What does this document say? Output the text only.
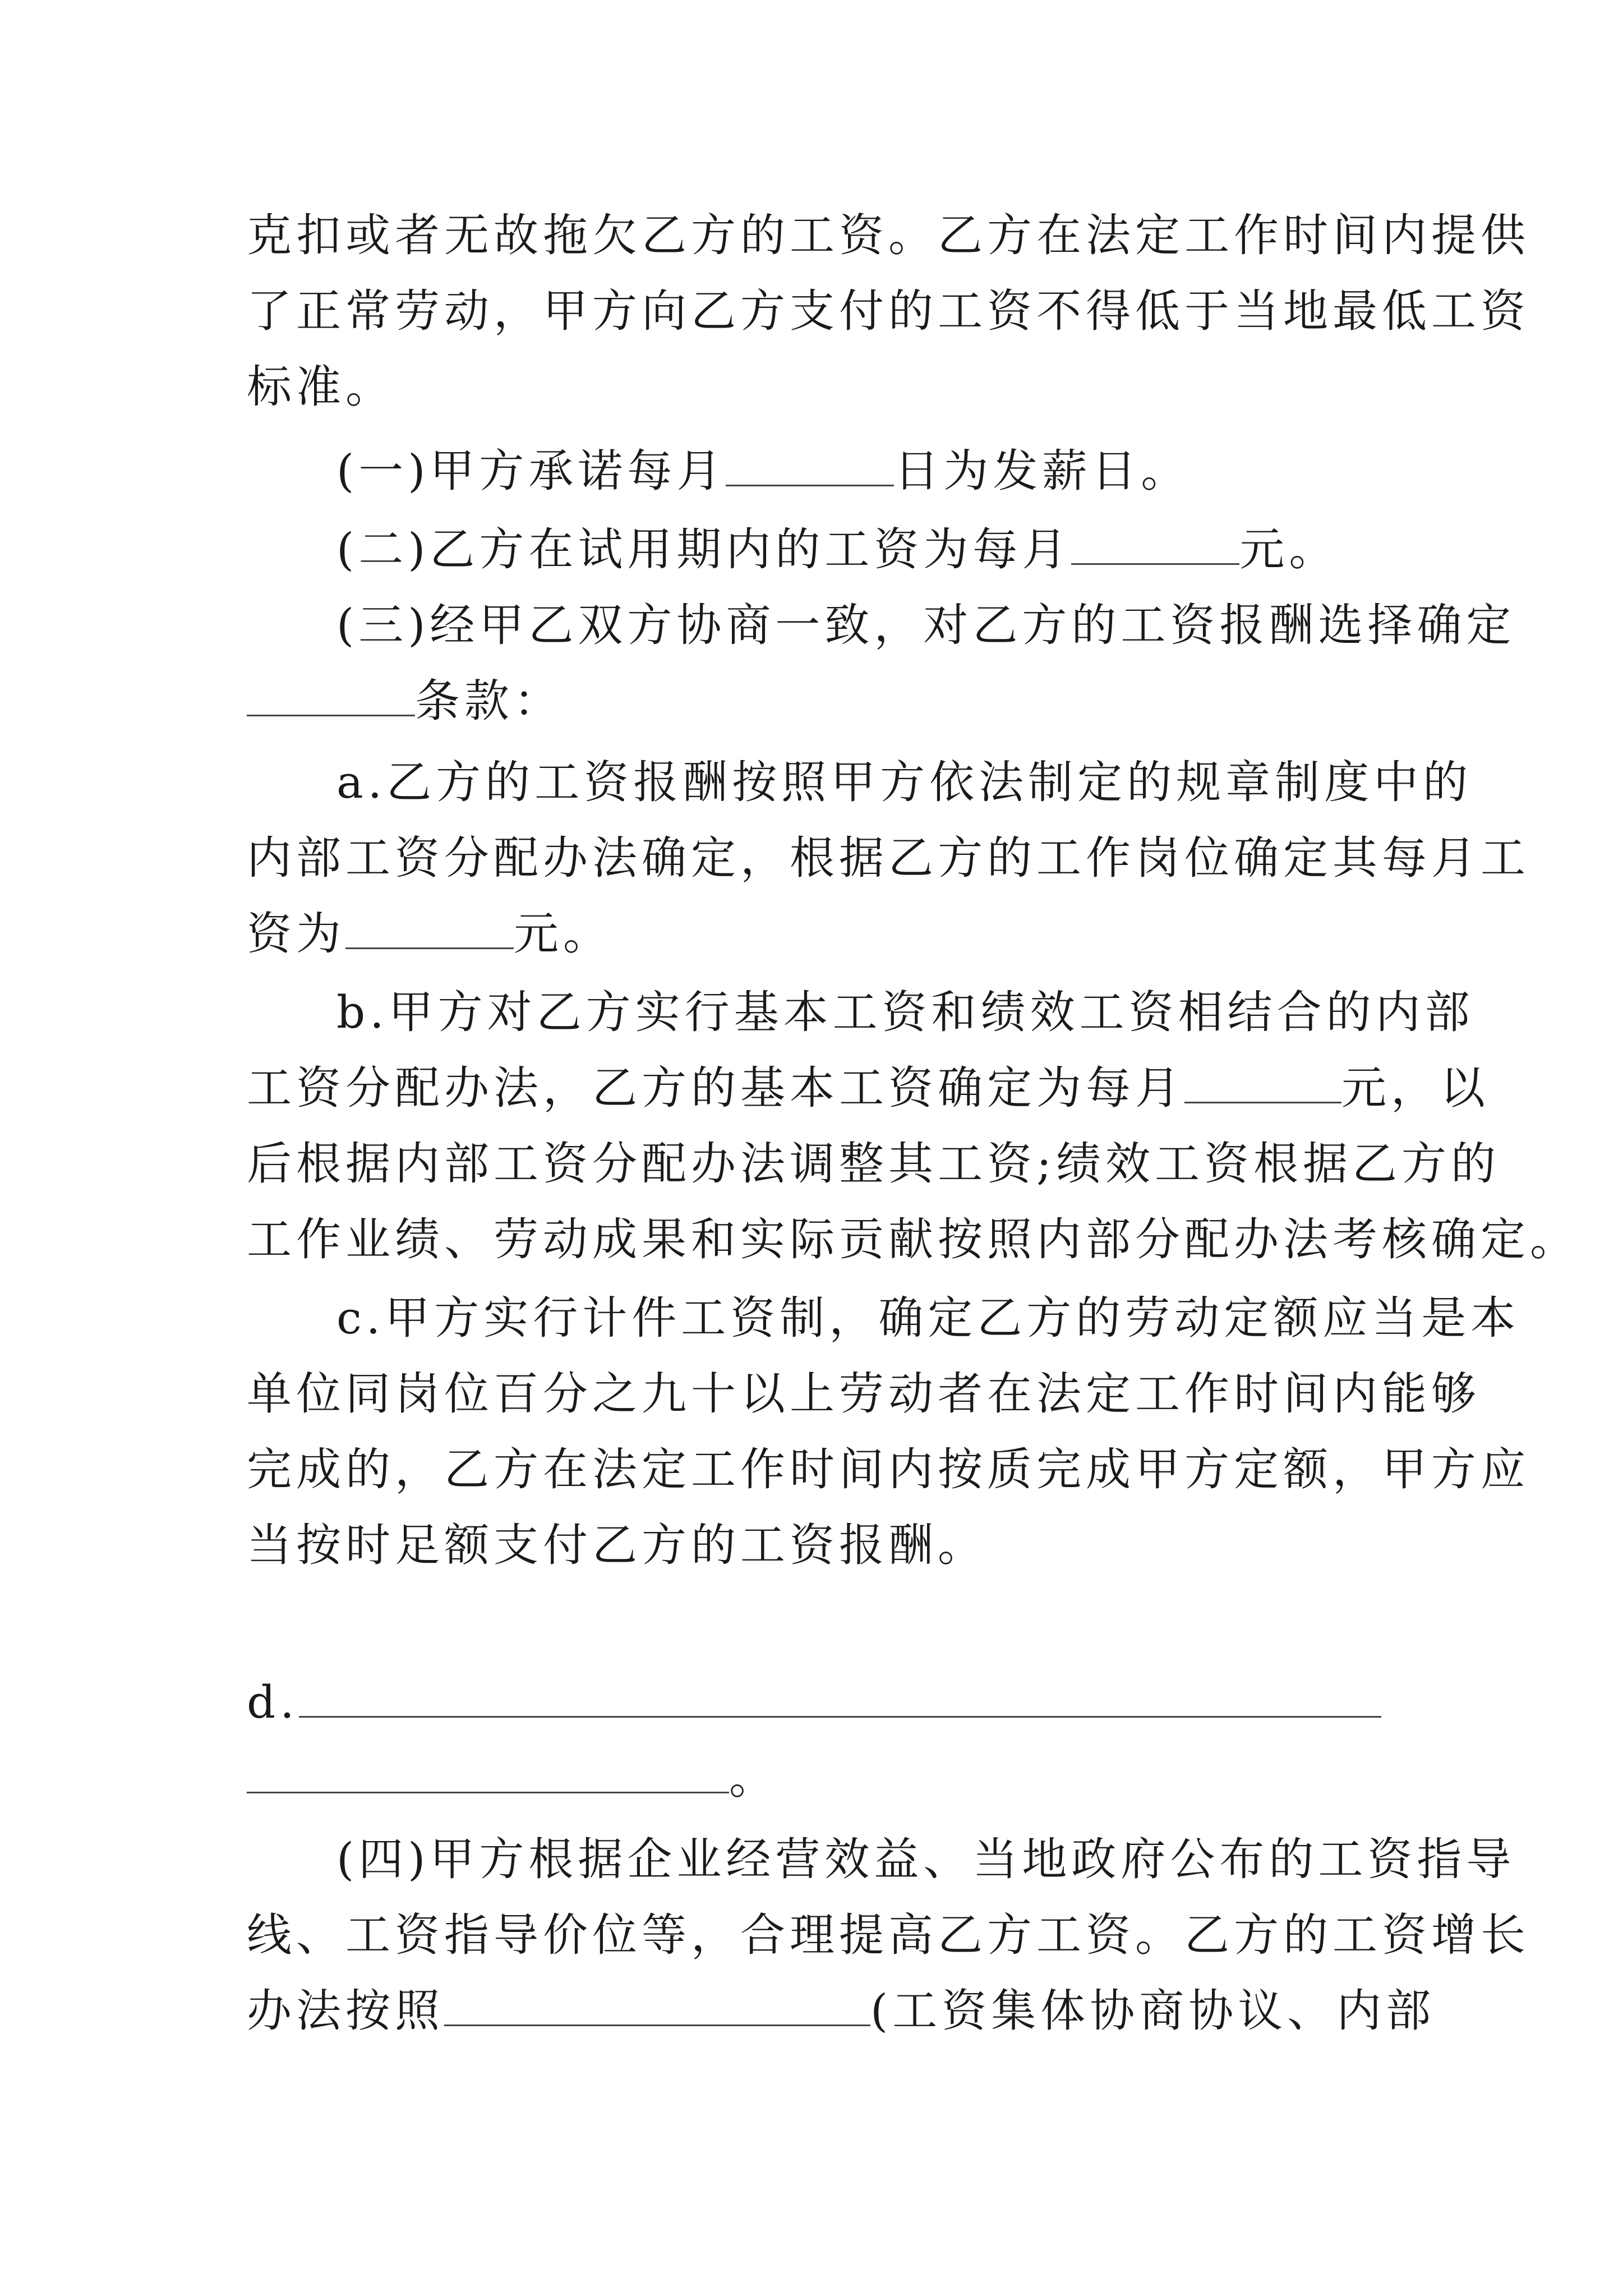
克扣或者无故拖欠乙方的工资。乙方在法定工作时间内提供
了正常劳动，甲方向乙方支付的工资不得低于当地最低工资
标准。
(一)甲方承诺每月	日为发薪日。
(二)乙方在试用期内的工资为每月	元。
(三)经甲乙双方协商一致，对乙方的工资报酬选择确定
条款：
a.乙方的工资报酬按照甲方依法制定的规章制度中的
内部工资分配办法确定，根据乙方的工作岗位确定其每月工
资为	元。
b.甲方对乙方实行基本工资和绩效工资相结合的内部
工资分配办法，乙方的基本工资确定为每月	元，以
后根据内部工资分配办法调整其工资;绩效工资根据乙方的
工作业绩、劳动成果和实际贡献按照内部分配办法考核确定。
c.甲方实行计件工资制，确定乙方的劳动定额应当是本
单位同岗位百分之九十以上劳动者在法定工作时间内能够
完成的，乙方在法定工作时间内按质完成甲方定额，甲方应
当按时足额支付乙方的工资报酬。
d.
。
(四)甲方根据企业经营效益、当地政府公布的工资指导
线、工资指导价位等，合理提高乙方工资。乙方的工资增长
办法按照	(工资集体协商协议、内部
